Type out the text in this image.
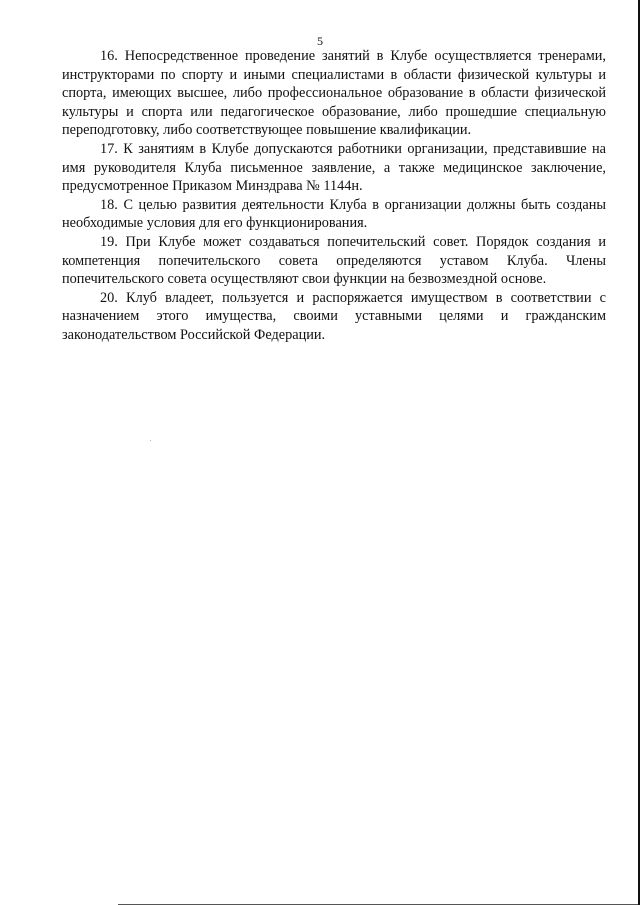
5

16. Непосредственное проведение занятий в Клубе осуществляется тренерами, инструкторами по спорту и иными специалистами в области физической культуры и спорта, имеющих высшее, либо профессиональное образование в области физической культуры и спорта или педагогическое образование, либо прошедшие специальную переподготовку, либо соответствующее повышение квалификации.

17. К занятиям в Клубе допускаются работники организации, представившие на имя руководителя Клуба письменное заявление, а также медицинское заключение, предусмотренное Приказом Минздрава № 1144н.

18. С целью развития деятельности Клуба в организации должны быть созданы необходимые условия для его функционирования.

19. При Клубе может создаваться попечительский совет. Порядок создания и компетенция попечительского совета определяются уставом Клуба. Члены попечительского совета осуществляют свои функции на безвозмездной основе.

20. Клуб владеет, пользуется и распоряжается имуществом в соответствии с назначением этого имущества, своими уставными целями и гражданским законодательством Российской Федерации.
